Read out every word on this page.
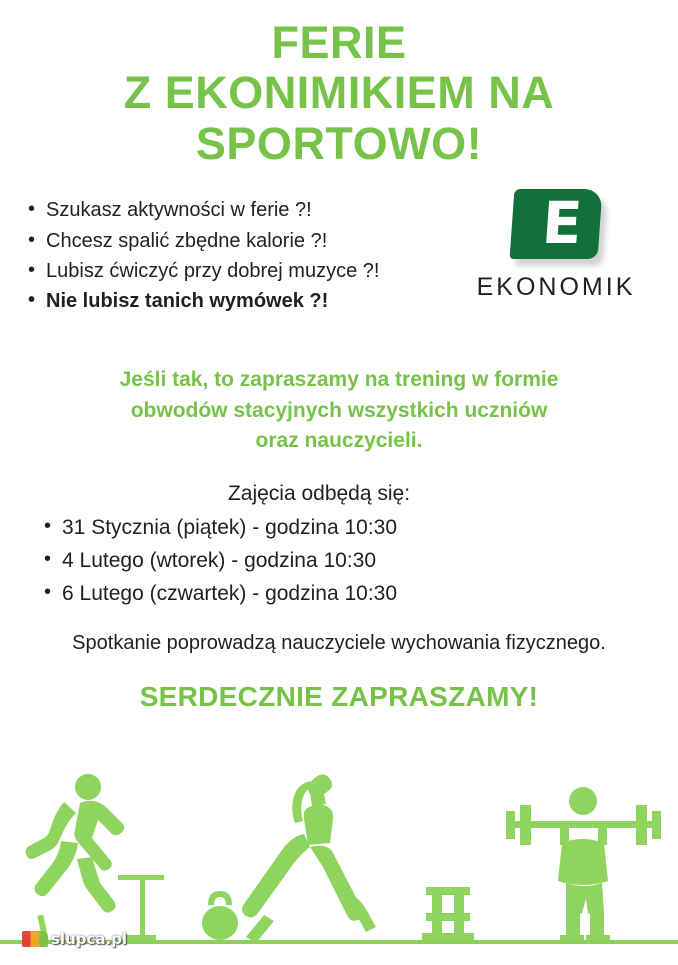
FERIE
Z EKONIMIKIEM NA
SPORTOWO!
• Szukasz aktywności w ferie ?!
• Chcesz spalić zbędne kalorie ?!
• Lubisz ćwiczyć przy dobrej muzyce ?!
• Nie lubisz tanich wymówek ?!
E
EKONOMIK
Jeśli tak, to zapraszamy na trening w formie
obwodów stacyjnych wszystkich uczniów
oraz nauczycieli.
Zajęcia odbędą się:
• 31 Stycznia (piątek) - godzina 10:30
• 4 Lutego (wtorek) - godzina 10:30
• 6 Lutego (czwartek) - godzina 10:30
Spotkanie poprowadzą nauczyciele wychowania fizycznego.
SERDECZNIE ZAPRASZAMY!
slupca.pl
